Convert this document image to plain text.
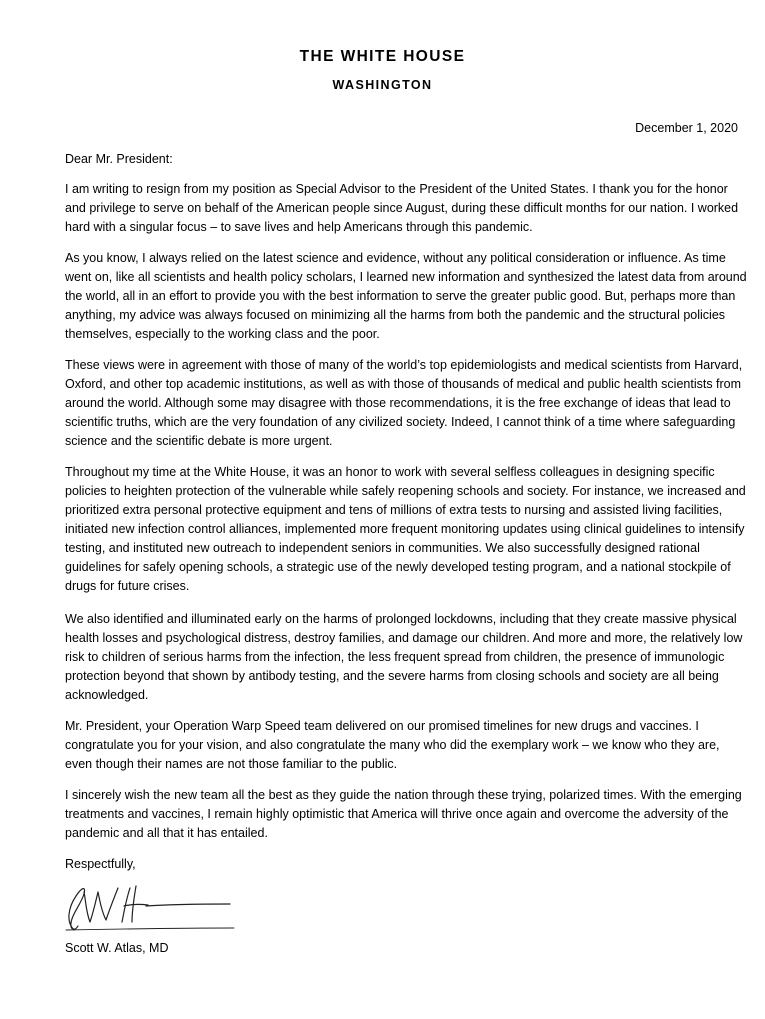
THE WHITE HOUSE
WASHINGTON
December 1, 2020
Dear Mr. President:

I am writing to resign from my position as Special Advisor to the President of the United States. I thank you for the honor and privilege to serve on behalf of the American people since August, during these difficult months for our nation. I worked hard with a singular focus – to save lives and help Americans through this pandemic.

As you know, I always relied on the latest science and evidence, without any political consideration or influence. As time went on, like all scientists and health policy scholars, I learned new information and synthesized the latest data from around the world, all in an effort to provide you with the best information to serve the greater public good. But, perhaps more than anything, my advice was always focused on minimizing all the harms from both the pandemic and the structural policies themselves, especially to the working class and the poor.

These views were in agreement with those of many of the world’s top epidemiologists and medical scientists from Harvard, Oxford, and other top academic institutions, as well as with those of thousands of medical and public health scientists from around the world. Although some may disagree with those recommendations, it is the free exchange of ideas that lead to scientific truths, which are the very foundation of any civilized society. Indeed, I cannot think of a time where safeguarding science and the scientific debate is more urgent.

Throughout my time at the White House, it was an honor to work with several selfless colleagues in designing specific policies to heighten protection of the vulnerable while safely reopening schools and society. For instance, we increased and prioritized extra personal protective equipment and tens of millions of extra tests to nursing and assisted living facilities, initiated new infection control alliances, implemented more frequent monitoring updates using clinical guidelines to intensify testing, and instituted new outreach to independent seniors in communities. We also successfully designed rational guidelines for safely opening schools, a strategic use of the newly developed testing program, and a national stockpile of drugs for future crises.

We also identified and illuminated early on the harms of prolonged lockdowns, including that they create massive physical health losses and psychological distress, destroy families, and damage our children. And more and more, the relatively low risk to children of serious harms from the infection, the less frequent spread from children, the presence of immunologic protection beyond that shown by antibody testing, and the severe harms from closing schools and society are all being acknowledged.

Mr. President, your Operation Warp Speed team delivered on our promised timelines for new drugs and vaccines. I congratulate you for your vision, and also congratulate the many who did the exemplary work – we know who they are, even though their names are not those familiar to the public.

I sincerely wish the new team all the best as they guide the nation through these trying, polarized times. With the emerging treatments and vaccines, I remain highly optimistic that America will thrive once again and overcome the adversity of the pandemic and all that it has entailed.

Respectfully,
Scott W. Atlas, MD
